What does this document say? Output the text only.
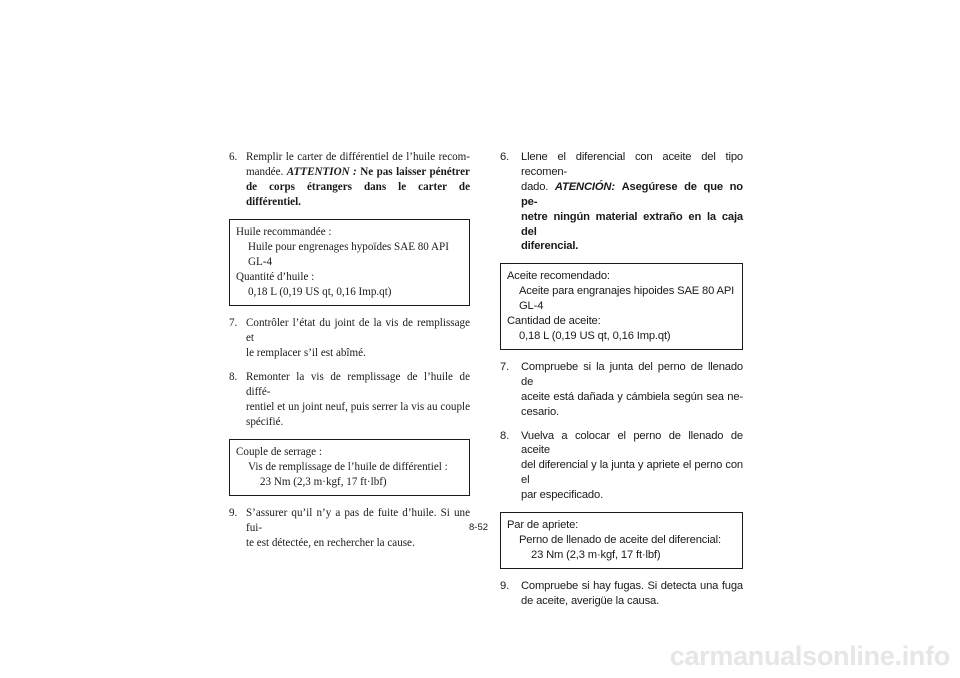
6. Remplir le carter de différentiel de l’huile recom-
mandée. ATTENTION : Ne pas laisser pénétrer
de corps étrangers dans le carter de différentiel.
Huile recommandée :
Huile pour engrenages hypoïdes SAE 80 API
GL-4
Quantité d’huile :
0,18 L (0,19 US qt, 0,16 Imp.qt)
7. Contrôler l’état du joint de la vis de remplissage et
le remplacer s’il est abîmé.
8. Remonter la vis de remplissage de l’huile de diffé-
rentiel et un joint neuf, puis serrer la vis au couple
spécifié.
Couple de serrage :
Vis de remplissage de l’huile de différentiel :
23 Nm (2,3 m·kgf, 17 ft·lbf)
9. S’assurer qu’il n’y a pas de fuite d’huile. Si une fui-
te est détectée, en rechercher la cause.
6. Llene el diferencial con aceite del tipo recomen-
dado. ATENCIÓN: Asegúrese de que no pe-
netre ningún material extraño en la caja del
diferencial.
Aceite recomendado:
Aceite para engranajes hipoides SAE 80 API
GL-4
Cantidad de aceite:
0,18 L (0,19 US qt, 0,16 Imp.qt)
7. Compruebe si la junta del perno de llenado de
aceite está dañada y cámbiela según sea ne-
cesario.
8. Vuelva a colocar el perno de llenado de aceite
del diferencial y la junta y apriete el perno con el
par especificado.
Par de apriete:
Perno de llenado de aceite del diferencial:
23 Nm (2,3 m·kgf, 17 ft·lbf)
9. Compruebe si hay fugas. Si detecta una fuga
de aceite, averigüe la causa.
8-52
carmanualsonline.info
